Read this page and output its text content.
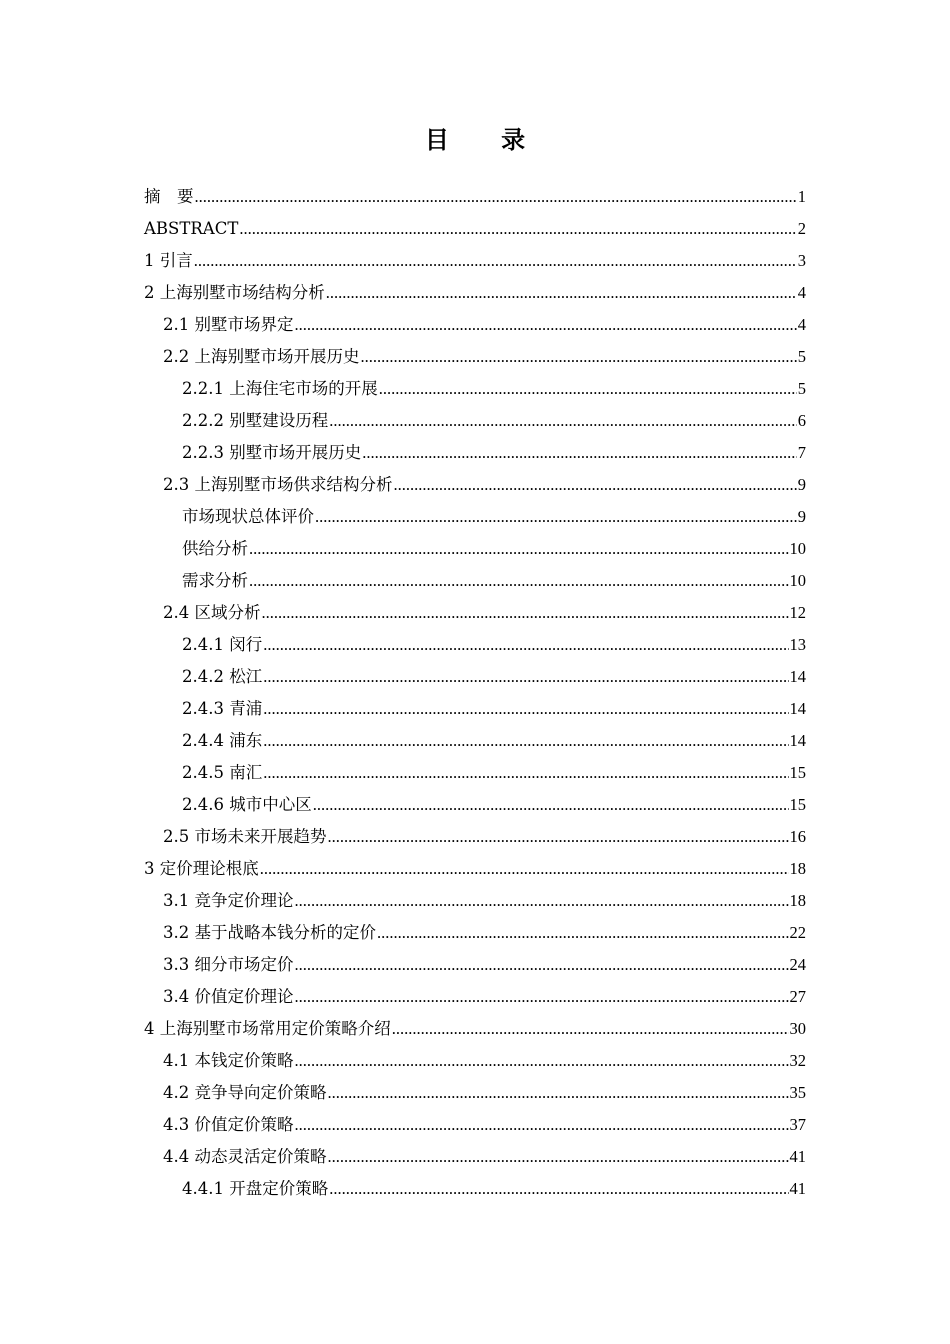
目 录
摘　要 .....	1
ABSTRACT .....	2
1 引言 .....	3
2 上海别墅市场结构分析 .....	4
2.1 别墅市场界定 .....	4
2.2 上海别墅市场开展历史 .....	5
2.2.1 上海住宅市场的开展 .....	5
2.2.2 别墅建设历程 .....	6
2.2.3 别墅市场开展历史 .....	7
2.3 上海别墅市场供求结构分析 .....	9
市场现状总体评价 .....	9
供给分析 .....	10
需求分析 .....	10
2.4 区域分析 .....	12
2.4.1 闵行 .....	13
2.4.2 松江 .....	14
2.4.3 青浦 .....	14
2.4.4 浦东 .....	14
2.4.5 南汇 .....	15
2.4.6 城市中心区 .....	15
2.5 市场未来开展趋势 .....	16
3 定价理论根底 .....	18
3.1 竞争定价理论 .....	18
3.2 基于战略本钱分析的定价 .....	22
3.3 细分市场定价 .....	24
3.4 价值定价理论 .....	27
4 上海别墅市场常用定价策略介绍 .....	30
4.1 本钱定价策略 .....	32
4.2 竞争导向定价策略 .....	35
4.3 价值定价策略 .....	37
4.4 动态灵活定价策略 .....	41
4.4.1 开盘定价策略 .....	41
